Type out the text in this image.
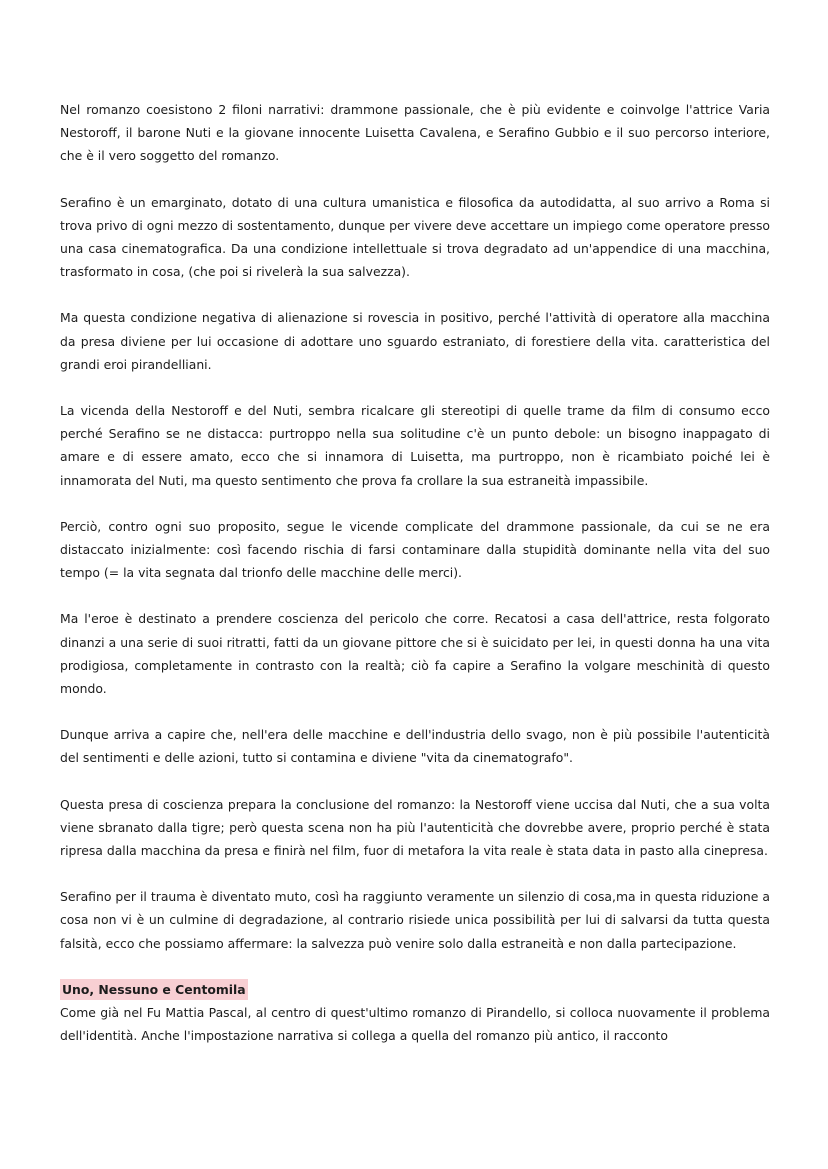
Nel romanzo coesistono 2 filoni narrativi: drammone passionale, che è più evidente e coinvolge l'attrice Varia Nestoroff, il barone Nuti e la giovane innocente Luisetta Cavalena, e Serafino Gubbio e il suo percorso interiore, che è il vero soggetto del romanzo.

Serafino è un emarginato, dotato di una cultura umanistica e filosofica da autodidatta, al suo arrivo a Roma si trova privo di ogni mezzo di sostentamento, dunque per vivere deve accettare un impiego come operatore presso una casa cinematografica. Da una condizione intellettuale si trova degradato ad un'appendice di una macchina, trasformato in cosa, (che poi si rivelerà la sua salvezza).

Ma questa condizione negativa di alienazione si rovescia in positivo, perché l'attività di operatore alla macchina da presa diviene per lui occasione di adottare uno sguardo estraniato, di forestiere della vita. caratteristica del grandi eroi pirandelliani.

La vicenda della Nestoroff e del Nuti, sembra ricalcare gli stereotipi di quelle trame da film di consumo ecco perché Serafino se ne distacca: purtroppo nella sua solitudine c'è un punto debole: un bisogno inappagato di amare e di essere amato, ecco che si innamora di Luisetta, ma purtroppo, non è ricambiato poiché lei è innamorata del Nuti, ma questo sentimento che prova fa crollare la sua estraneità impassibile.

Perciò, contro ogni suo proposito, segue le vicende complicate del drammone passionale, da cui se ne era distaccato inizialmente: così facendo rischia di farsi contaminare dalla stupidità dominante nella vita del suo tempo (= la vita segnata dal trionfo delle macchine delle merci).

Ma l'eroe è destinato a prendere coscienza del pericolo che corre. Recatosi a casa dell'attrice, resta folgorato dinanzi a una serie di suoi ritratti, fatti da un giovane pittore che si è suicidato per lei, in questi donna ha una vita prodigiosa, completamente in contrasto con la realtà; ciò fa capire a Serafino la volgare meschinità di questo mondo.

Dunque arriva a capire che, nell'era delle macchine e dell'industria dello svago, non è più possibile l'autenticità del sentimenti e delle azioni, tutto si contamina e diviene "vita da cinematografo".

Questa presa di coscienza prepara la conclusione del romanzo: la Nestoroff viene uccisa dal Nuti, che a sua volta viene sbranato dalla tigre; però questa scena non ha più l'autenticità che dovrebbe avere, proprio perché è stata ripresa dalla macchina da presa e finirà nel film, fuor di metafora la vita reale è stata data in pasto alla cinepresa.

Serafino per il trauma è diventato muto, così ha raggiunto veramente un silenzio di cosa,ma in questa riduzione a cosa non vi è un culmine di degradazione, al contrario risiede unica possibilità per lui di salvarsi da tutta questa falsità, ecco che possiamo affermare: la salvezza può venire solo dalla estraneità e non dalla partecipazione.

Uno, Nessuno e Centomila

Come già nel Fu Mattia Pascal, al centro di quest'ultimo romanzo di Pirandello, si colloca nuovamente il problema dell'identità. Anche l'impostazione narrativa si collega a quella del romanzo più antico, il racconto
